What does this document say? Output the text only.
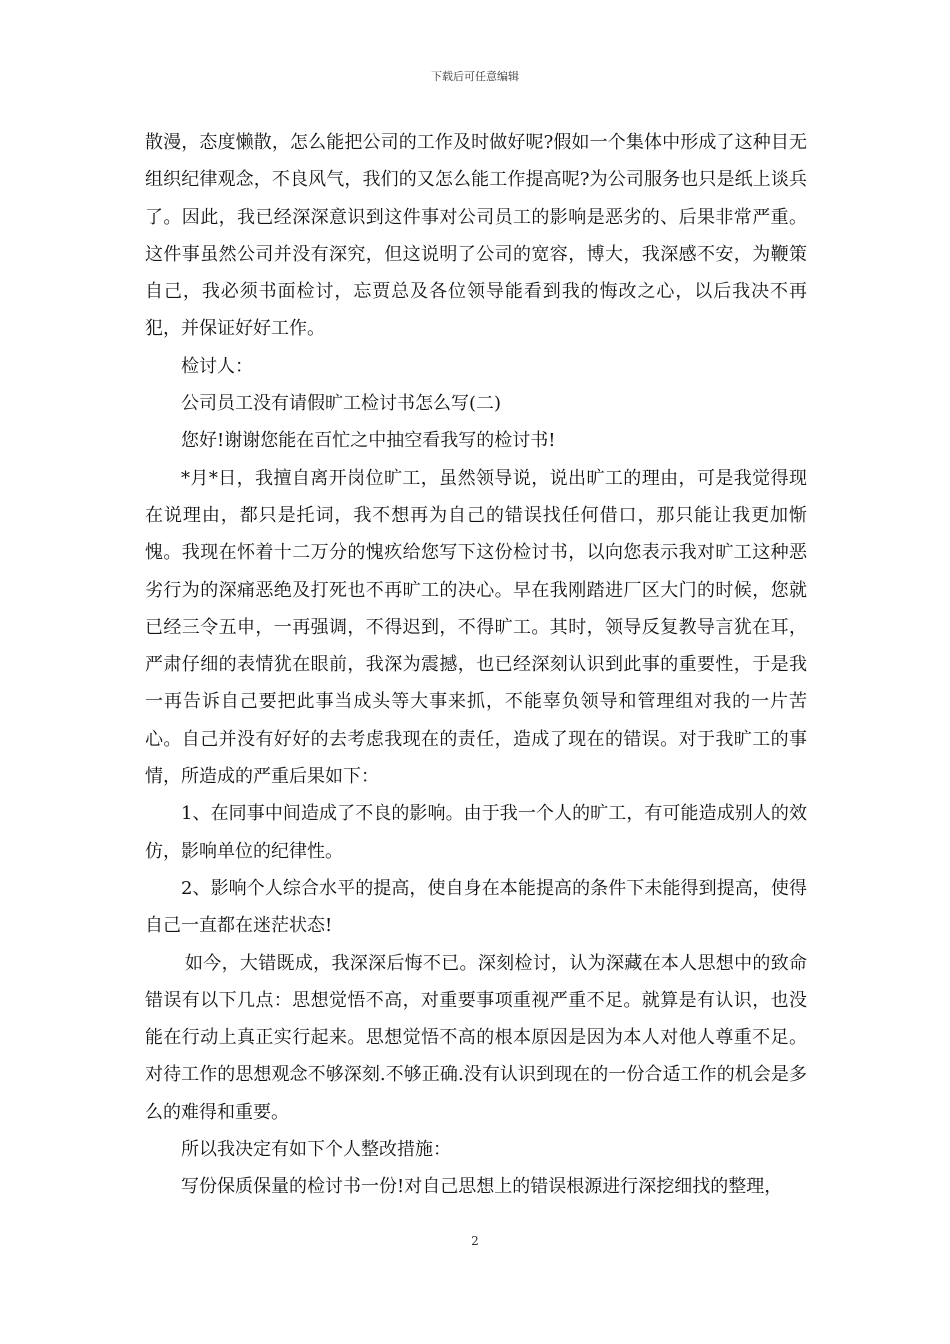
下载后可任意编辑

散漫，态度懒散，怎么能把公司的工作及时做好呢?假如一个集体中形成了这种目无组织纪律观念，不良风气，我们的又怎么能工作提高呢?为公司服务也只是纸上谈兵了。因此，我已经深深意识到这件事对公司员工的影响是恶劣的、后果非常严重。这件事虽然公司并没有深究，但这说明了公司的宽容，博大，我深感不安，为鞭策自己，我必须书面检讨，忘贾总及各位领导能看到我的悔改之心，以后我决不再犯，并保证好好工作。

检讨人：

公司员工没有请假旷工检讨书怎么写(二)

您好!谢谢您能在百忙之中抽空看我写的检讨书!

*月*日，我擅自离开岗位旷工，虽然领导说，说出旷工的理由，可是我觉得现在说理由，都只是托词，我不想再为自己的错误找任何借口，那只能让我更加惭愧。我现在怀着十二万分的愧疚给您写下这份检讨书，以向您表示我对旷工这种恶劣行为的深痛恶绝及打死也不再旷工的决心。早在我刚踏进厂区大门的时候，您就已经三令五申，一再强调，不得迟到，不得旷工。其时，领导反复教导言犹在耳，严肃仔细的表情犹在眼前，我深为震撼，也已经深刻认识到此事的重要性，于是我一再告诉自己要把此事当成头等大事来抓，不能辜负领导和管理组对我的一片苦心。自己并没有好好的去考虑我现在的责任，造成了现在的错误。对于我旷工的事情，所造成的严重后果如下：

1、在同事中间造成了不良的影响。由于我一个人的旷工，有可能造成别人的效仿，影响单位的纪律性。

2、影响个人综合水平的提高，使自身在本能提高的条件下未能得到提高，使得自己一直都在迷茫状态!

如今，大错既成，我深深后悔不已。深刻检讨，认为深藏在本人思想中的致命错误有以下几点：思想觉悟不高，对重要事项重视严重不足。就算是有认识，也没能在行动上真正实行起来。思想觉悟不高的根本原因是因为本人对他人尊重不足。对待工作的思想观念不够深刻.不够正确.没有认识到现在的一份合适工作的机会是多么的难得和重要。

所以我决定有如下个人整改措施：

写份保质保量的检讨书一份!对自己思想上的错误根源进行深挖细找的整理，

2
